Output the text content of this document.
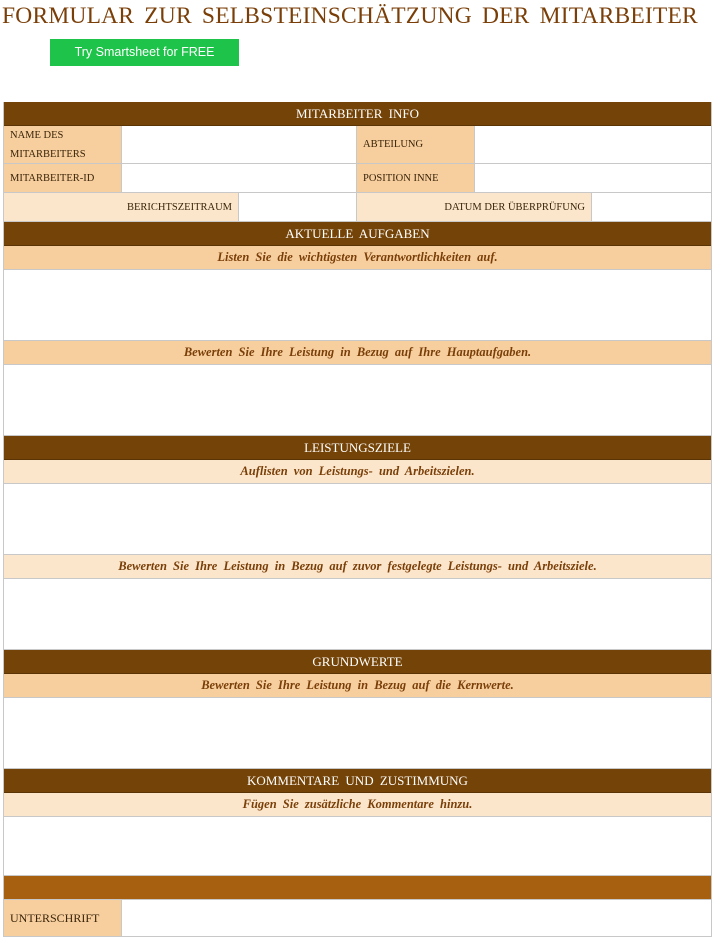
FORMULAR ZUR SELBSTEINSCHÄTZUNG DER MITARBEITER
Try Smartsheet for FREE
MITARBEITER INFO
NAME DES MITARBEITERS
ABTEILUNG
MITARBEITER-ID	POSITION INNE
BERICHTSZEITRAUM	DATUM DER ÜBERPRÜFUNG
AKTUELLE AUFGABEN
Listen Sie die wichtigsten Verantwortlichkeiten auf.
Bewerten Sie Ihre Leistung in Bezug auf Ihre Hauptaufgaben.
LEISTUNGSZIELE
Auflisten von Leistungs- und Arbeitszielen.
Bewerten Sie Ihre Leistung in Bezug auf zuvor festgelegte Leistungs- und Arbeitsziele.
GRUNDWERTE
Bewerten Sie Ihre Leistung in Bezug auf die Kernwerte.
KOMMENTARE UND ZUSTIMMUNG
Fügen Sie zusätzliche Kommentare hinzu.
UNTERSCHRIFT
